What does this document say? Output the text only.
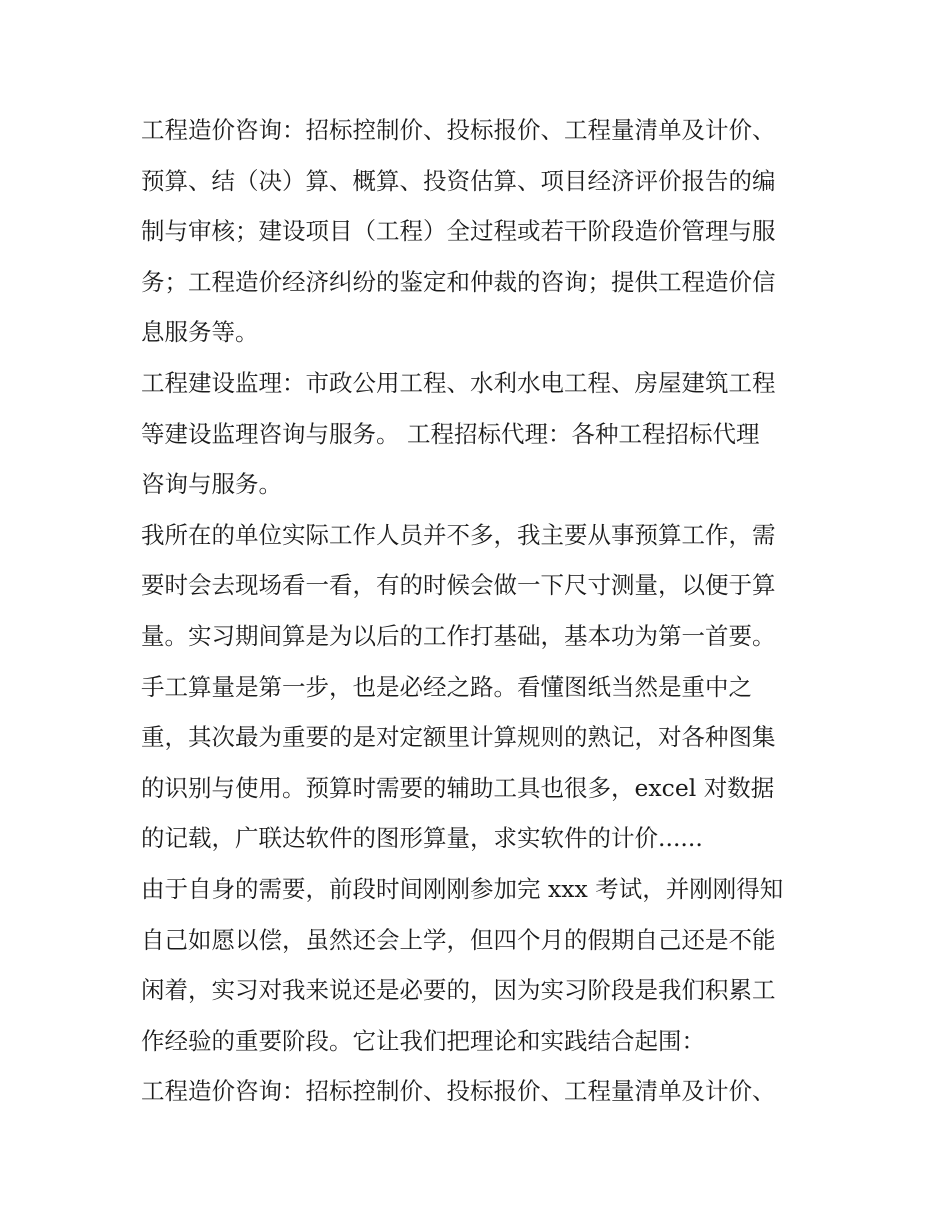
工程造价咨询：招标控制价、投标报价、工程量清单及计价、
预算、结（决）算、概算、投资估算、项目经济评价报告的编
制与审核；建设项目（工程）全过程或若干阶段造价管理与服
务；工程造价经济纠纷的鉴定和仲裁的咨询；提供工程造价信
息服务等。
工程建设监理：市政公用工程、水利水电工程、房屋建筑工程
等建设监理咨询与服务。 工程招标代理：各种工程招标代理
咨询与服务。
我所在的单位实际工作人员并不多，我主要从事预算工作，需
要时会去现场看一看，有的时候会做一下尺寸测量，以便于算
量。实习期间算是为以后的工作打基础，基本功为第一首要。
手工算量是第一步，也是必经之路。看懂图纸当然是重中之
重，其次最为重要的是对定额里计算规则的熟记，对各种图集
的识别与使用。预算时需要的辅助工具也很多，excel 对数据
的记载，广联达软件的图形算量，求实软件的计价......
由于自身的需要，前段时间刚刚参加完 xxx 考试，并刚刚得知
自己如愿以偿，虽然还会上学，但四个月的假期自己还是不能
闲着，实习对我来说还是必要的，因为实习阶段是我们积累工
作经验的重要阶段。它让我们把理论和实践结合起围：
工程造价咨询：招标控制价、投标报价、工程量清单及计价、
